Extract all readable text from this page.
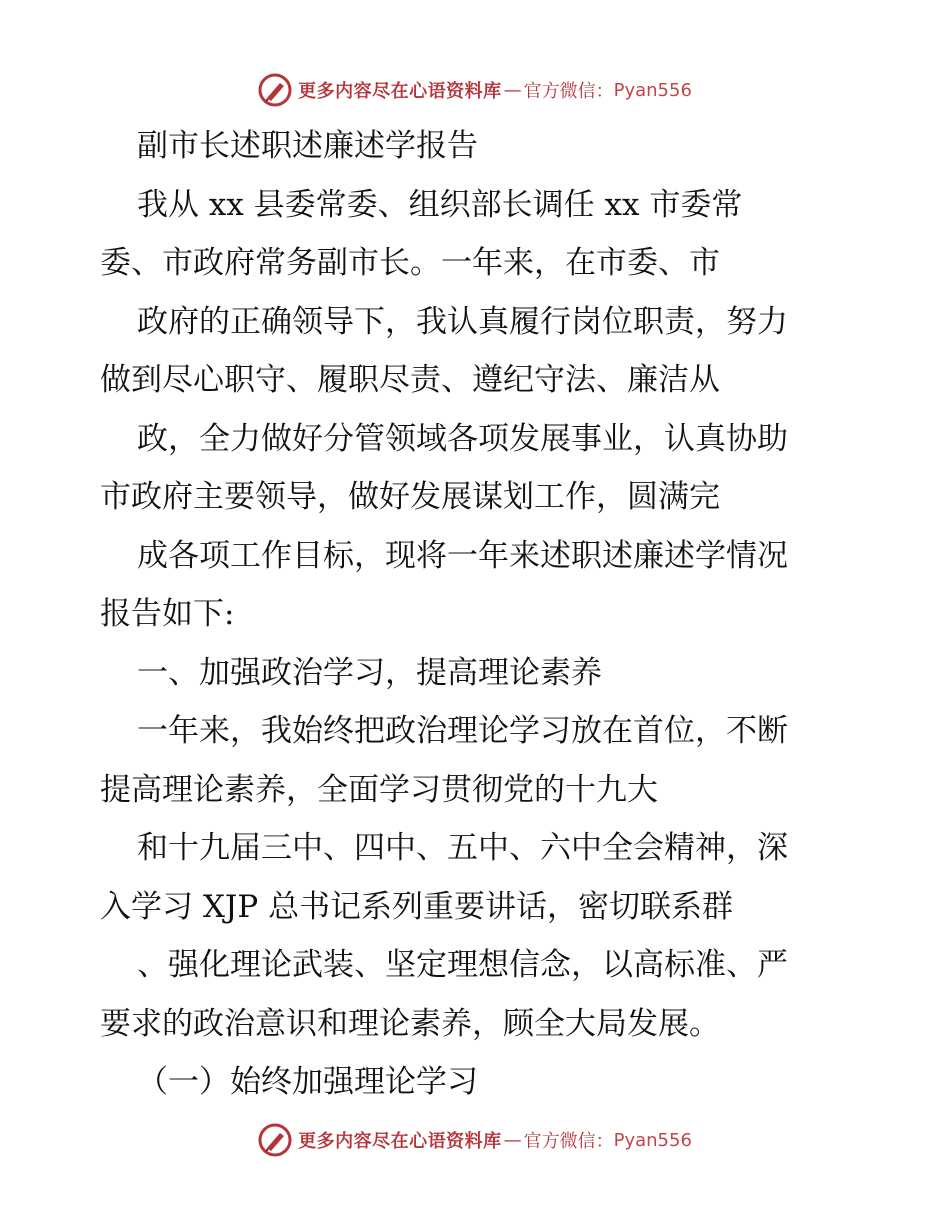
更多内容尽在心语资料库 — 官方微信： Pyan556
副市长述职述廉述学报告
我从 xx 县委常委、组织部长调任 xx 市委常
委、市政府常务副市长。一年来，在市委、市
政府的正确领导下，我认真履行岗位职责，努力
做到尽心职守、履职尽责、遵纪守法、廉洁从
政，全力做好分管领域各项发展事业，认真协助
市政府主要领导，做好发展谋划工作，圆满完
成各项工作目标，现将一年来述职述廉述学情况
报告如下:
一、加强政治学习，提高理论素养
一年来，我始终把政治理论学习放在首位，不断
提高理论素养，全面学习贯彻党的十九大
和十九届三中、四中、五中、六中全会精神，深
入学习 XJP 总书记系列重要讲话，密切联系群
、强化理论武装、坚定理想信念，以高标准、严
要求的政治意识和理论素养，顾全大局发展。
（一）始终加强理论学习
更多内容尽在心语资料库 — 官方微信： Pyan556
